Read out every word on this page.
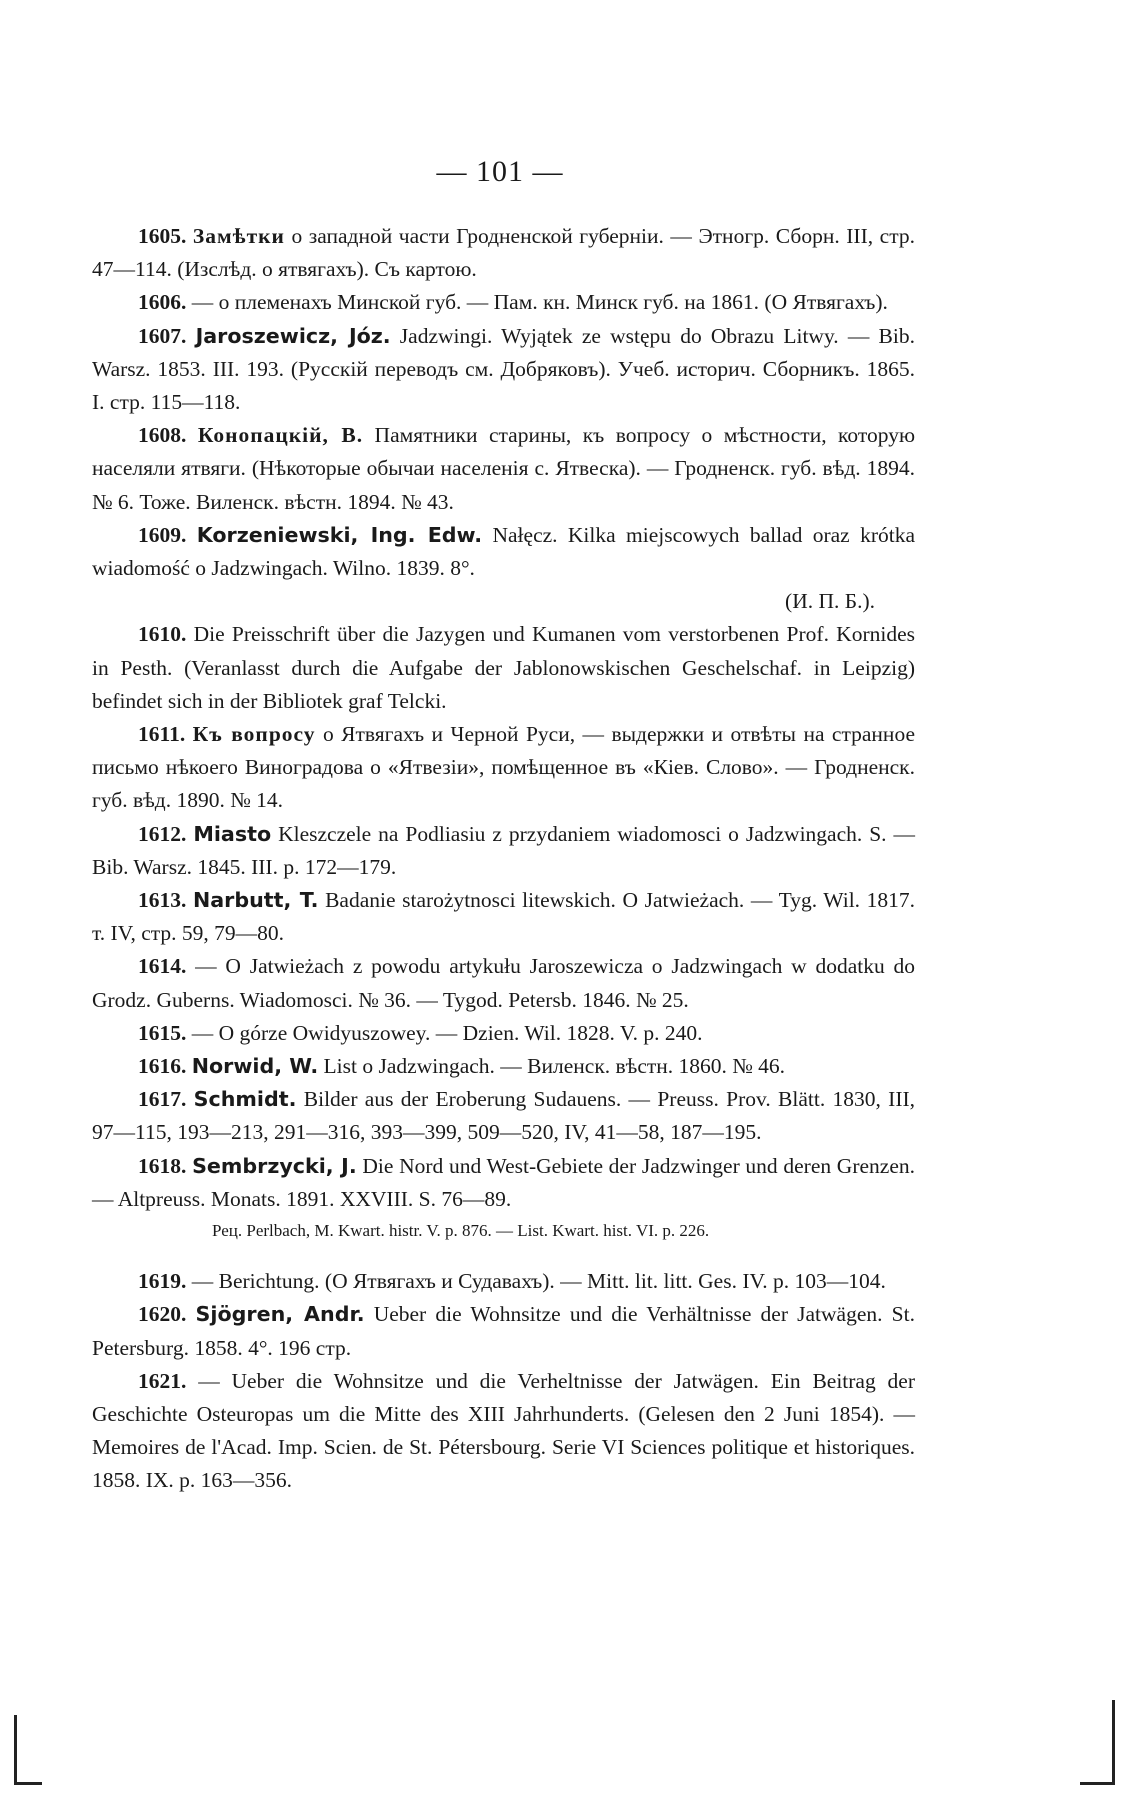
— 101 —

1605. Замѣтки о западной части Гродненской губерніи. — Этногр. Сборн. III, стр. 47—114. (Изслѣд. о ятвягахъ). Съ картою.

1606. — о племенахъ Минской губ. — Пам. кн. Минск губ. на 1861. (О Ятвягахъ).

1607. Jaroszewicz, Józ. Jadzwingi. Wyjątek ze wstępu do Obrazu Litwy. — Bib. Warsz. 1853. III. 193. (Русскій переводъ см. Добряковъ). Учеб. историч. Сборникъ. 1865. I. стр. 115—118.

1608. Конопацкій, В. Памятники старины, къ вопросу о мѣстности, которую населяли ятвяги. (Нѣкоторые обычаи населенія с. Ятвеска). — Гродненск. губ. вѣд. 1894. № 6. Тоже. Виленск. вѣстн. 1894. № 43.

1609. Korzeniewski, Ing. Edw. Nałęcz. Kilka miejscowych ballad oraz krótka wiadomość o Jadzwingach. Wilno. 1839. 8°.

(И. П. Б.).

1610. Die Preisschrift über die Jazygen und Kumanen vom verstorbenen Prof. Kornides in Pesth. (Veranlasst durch die Aufgabe der Jablonowskischen Geschelschaf. in Leipzig) befindet sich in der Bibliotek graf Telcki.

1611. Къ вопросу о Ятвягахъ и Черной Руси, — выдержки и отвѣты на странное письмо нѣкоего Виноградова о «Ятвезіи», помѣщенное въ «Кіев. Слово». — Гродненск. губ. вѣд. 1890. № 14.

1612. Miasto Kleszczele na Podliasiu z przydaniem wiadomosci o Jadzwingach. S. — Bib. Warsz. 1845. III. p. 172—179.

1613. Narbutt, T. Badanie starożytnosci litewskich. O Jatwieżach. — Tyg. Wil. 1817. т. IV, стр. 59, 79—80.

1614. — O Jatwieżach z powodu artykułu Jaroszewicza o Jadzwingach w dodatku do Grodz. Guberns. Wiadomosci. № 36. — Tygod. Petersb. 1846. № 25.

1615. — O górze Owidyuszowey. — Dzien. Wil. 1828. V. p. 240.

1616. Norwid, W. List o Jadzwingach. — Виленск. вѣстн. 1860. № 46.

1617. Schmidt. Bilder aus der Eroberung Sudauens. — Preuss. Prov. Blätt. 1830, III, 97—115, 193—213, 291—316, 393—399, 509—520, IV, 41—58, 187—195.

1618. Sembrzycki, J. Die Nord und West-Gebiete der Jadzwinger und deren Grenzen. — Altpreuss. Monats. 1891. XXVIII. S. 76—89.

Рец. Perlbach, M. Kwart. histr. V. p. 876. — List. Kwart. hist. VI. p. 226.

1619. — Berichtung. (О Ятвягахъ и Судавахъ). — Mitt. lit. litt. Ges. IV. p. 103—104.

1620. Sjögren, Andr. Ueber die Wohnsitze und die Verhältnisse der Jatwägen. St. Petersburg. 1858. 4°. 196 стр.

1621. — Ueber die Wohnsitze und die Verheltnisse der Jatwägen. Ein Beitrag der Geschichte Osteuropas um die Mitte des XIII Jahrhunderts. (Gelesen den 2 Juni 1854). — Memoires de l'Acad. Imp. Scien. de St. Pétersbourg. Serie VI Sciences politique et historiques. 1858. IX. p. 163—356.
